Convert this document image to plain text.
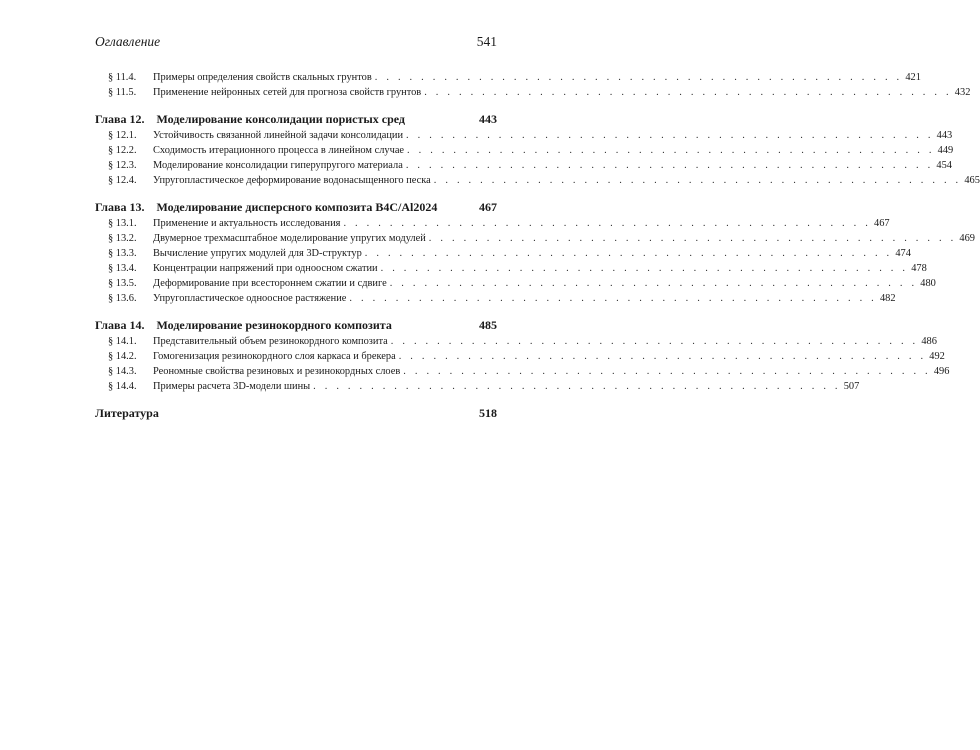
Оглавление	541
§ 11.4.	Примеры определения свойств скальных грунтов . . . . . . . . . . . . . . . . . . . . . . . . . . . . . . . . . . . . . . . . . . . . . . 421
§ 11.5.	Применение нейронных сетей для прогноза свойств грунтов . . . . . . . . . . . . . . . . . . . . . . . . . . . . . . . . . . . . . . . . . . . . . . 432
Глава 12. Моделирование консолидации пористых сред	443
§ 12.1.	Устойчивость связанной линейной задачи консолидации . . . . . . . . . . . . . . . . . . . . . . . . . . . . . . . . . . . . . . . . . . . . . . 443
§ 12.2.	Сходимость итерационного процесса в линейном случае . . . . . . . . . . . . . . . . . . . . . . . . . . . . . . . . . . . . . . . . . . . . . . 449
§ 12.3.	Моделирование консолидации гиперупругого материала . . . . . . . . . . . . . . . . . . . . . . . . . . . . . . . . . . . . . . . . . . . . . . 454
§ 12.4.	Упругопластическое деформирование водонасыщенного песка . . . . . . . . . . . . . . . . . . . . . . . . . . . . . . . . . . . . . . . . . . . . . . 465
Глава 13. Моделирование дисперсного композита B4C/Al2024	467
§ 13.1.	Применение и актуальность исследования . . . . . . . . . . . . . . . . . . . . . . . . . . . . . . . . . . . . . . . . . . . . . . 467
§ 13.2.	Двумерное трехмасштабное моделирование упругих модулей . . . . . . . . . . . . . . . . . . . . . . . . . . . . . . . . . . . . . . . . . . . . . . 469
§ 13.3.	Вычисление упругих модулей для 3D-структур . . . . . . . . . . . . . . . . . . . . . . . . . . . . . . . . . . . . . . . . . . . . . . 474
§ 13.4.	Концентрации напряжений при одноосном сжатии . . . . . . . . . . . . . . . . . . . . . . . . . . . . . . . . . . . . . . . . . . . . . . 478
§ 13.5.	Деформирование при всестороннем сжатии и сдвиге . . . . . . . . . . . . . . . . . . . . . . . . . . . . . . . . . . . . . . . . . . . . . . 480
§ 13.6.	Упругопластическое одноосное растяжение . . . . . . . . . . . . . . . . . . . . . . . . . . . . . . . . . . . . . . . . . . . . . . 482
Глава 14. Моделирование резинокордного композита	485
§ 14.1.	Представительный объем резинокордного композита . . . . . . . . . . . . . . . . . . . . . . . . . . . . . . . . . . . . . . . . . . . . . . 486
§ 14.2.	Гомогенизация резинокордного слоя каркаса и брекера . . . . . . . . . . . . . . . . . . . . . . . . . . . . . . . . . . . . . . . . . . . . . . 492
§ 14.3.	Реономные свойства резиновых и резинокордных слоев . . . . . . . . . . . . . . . . . . . . . . . . . . . . . . . . . . . . . . . . . . . . . . 496
§ 14.4.	Примеры расчета 3D-модели шины . . . . . . . . . . . . . . . . . . . . . . . . . . . . . . . . . . . . . . . . . . . . . . 507
Литература	518
